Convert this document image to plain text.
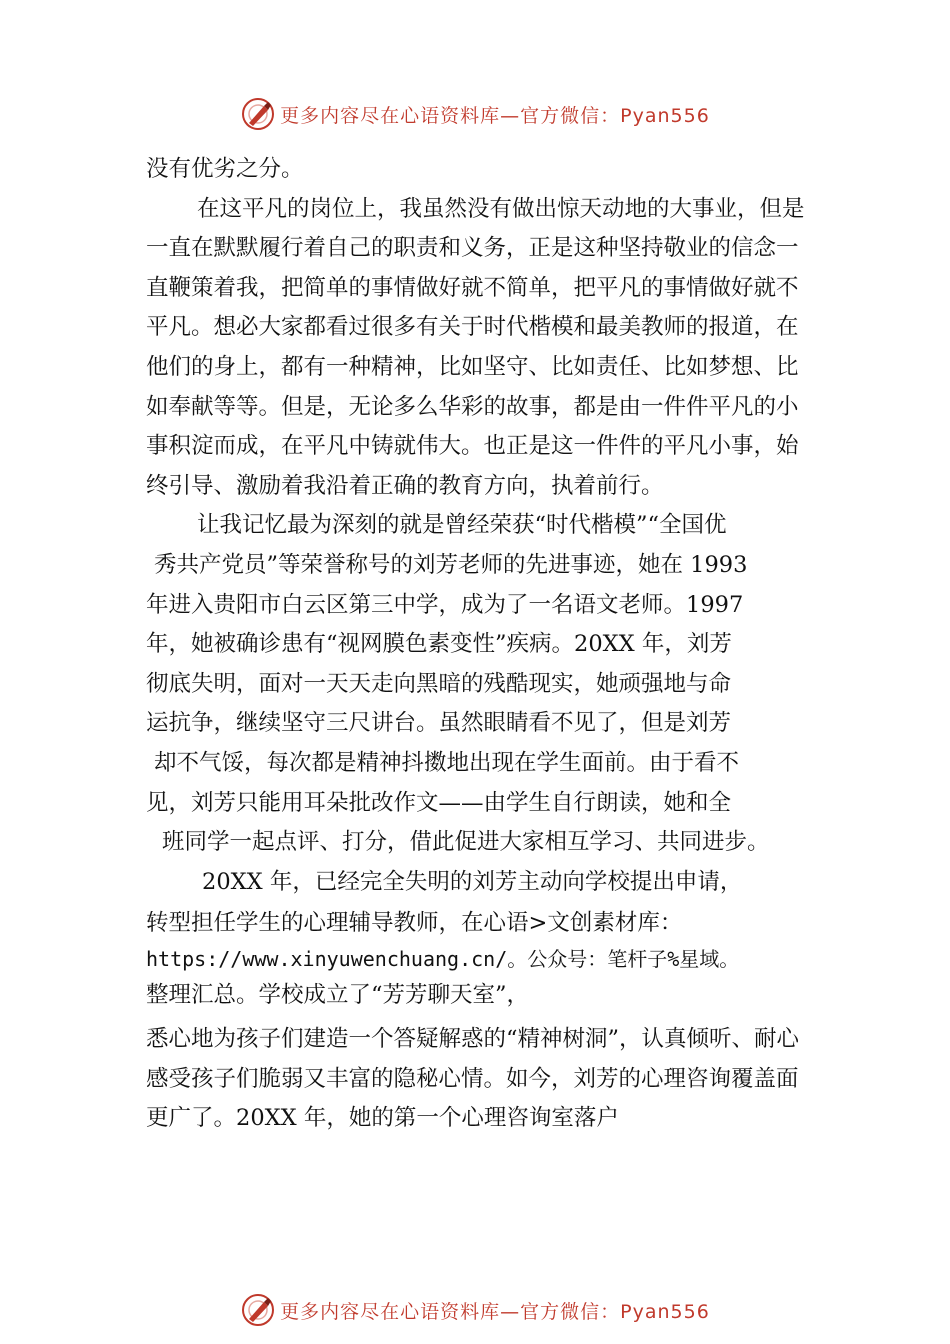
更多内容尽在心语资料库—官方微信：Pyan556

没有优劣之分。

在这平凡的岗位上，我虽然没有做出惊天动地的大事业，但是一直在默默履行着自己的职责和义务，正是这种坚持敬业的信念一直鞭策着我，把简单的事情做好就不简单，把平凡的事情做好就不平凡。想必大家都看过很多有关于时代楷模和最美教师的报道，在他们的身上，都有一种精神，比如坚守、比如责任、比如梦想、比如奉献等等。但是，无论多么华彩的故事，都是由一件件平凡的小事积淀而成，在平凡中铸就伟大。也正是这一件件的平凡小事，始终引导、激励着我沿着正确的教育方向，执着前行。

让我记忆最为深刻的就是曾经荣获“时代楷模”“全国优
秀共产党员”等荣誉称号的刘芳老师的先进事迹，她在 1993
年进入贵阳市白云区第三中学，成为了一名语文老师。1997
年，她被确诊患有“视网膜色素变性”疾病。20XX 年，刘芳
彻底失明，面对一天天走向黑暗的残酷现实，她顽强地与命
运抗争，继续坚守三尺讲台。虽然眼睛看不见了，但是刘芳
却不气馁，每次都是精神抖擞地出现在学生面前。由于看不
见，刘芳只能用耳朵批改作文——由学生自行朗读，她和全
班同学一起点评、打分，借此促进大家相互学习、共同进步。

20XX 年，已经完全失明的刘芳主动向学校提出申请，

转型担任学生的心理辅导教师，在心语>文创素材库：

https://www.xinyuwenchuang.cn/。公众号：笔杆子%星域。

整理汇总。学校成立了“芳芳聊天室”，

悉心地为孩子们建造一个答疑解惑的“精神树洞”，认真倾听、耐心感受孩子们脆弱又丰富的隐秘心情。如今，刘芳的心理咨询覆盖面更广了。20XX 年，她的第一个心理咨询室落户

更多内容尽在心语资料库—官方微信：Pyan556
